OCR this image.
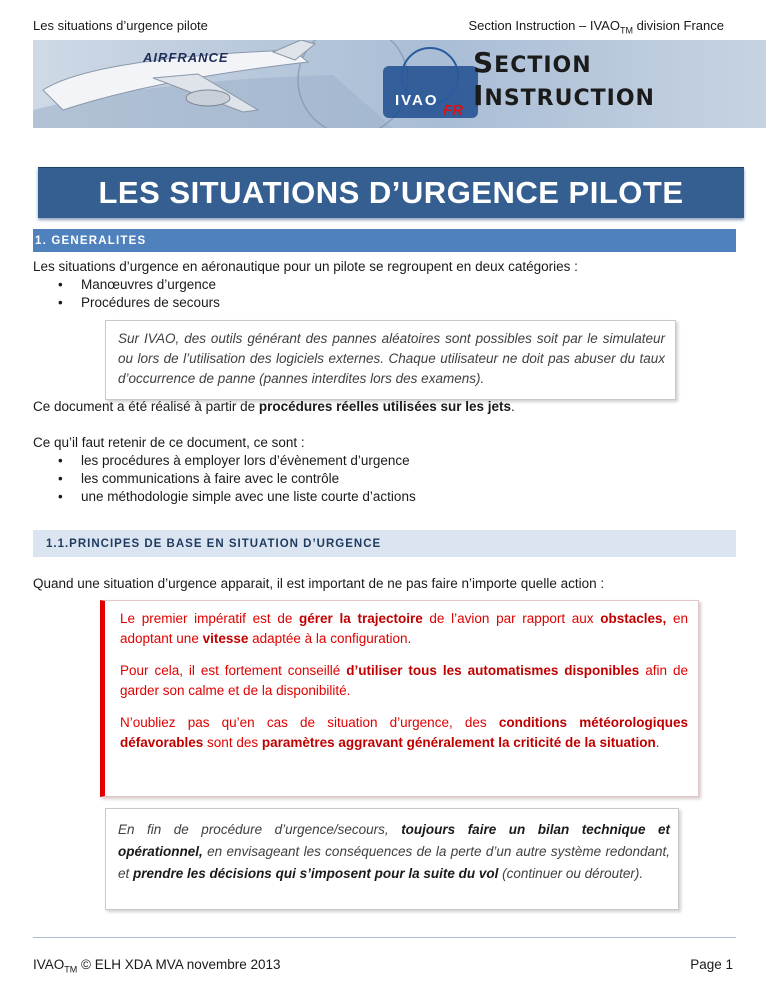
Les situations d’urgence pilote	Section Instruction – $IVAO_{TM}$ division France
AIRFRANCE
IVAO
FR
SECTION INSTRUCTION
LES SITUATIONS D’URGENCE PILOTE
1. GENERALITES
Les situations d’urgence en aéronautique pour un pilote se regroupent en deux catégories :
• Manœuvres d’urgence
• Procédures de secours
Sur IVAO, des outils générant des pannes aléatoires sont possibles soit par le simulateur ou lors de l’utilisation des logiciels externes. Chaque utilisateur ne doit pas abuser du taux d’occurrence de panne (pannes interdites lors des examens).
Ce document a été réalisé à partir de procédures réelles utilisées sur les jets.
Ce qu’il faut retenir de ce document, ce sont :
• les procédures à employer lors d’évènement d’urgence
• les communications à faire avec le contrôle
• une méthodologie simple avec une liste courte d’actions
1.1.PRINCIPES DE BASE EN SITUATION D’URGENCE
Quand une situation d’urgence apparait, il est important de ne pas faire n’importe quelle action :

Le premier impératif est de gérer la trajectoire de l’avion par rapport aux obstacles, en adoptant une vitesse adaptée à la configuration.

Pour cela, il est fortement conseillé d’utiliser tous les automatismes disponibles afin de garder son calme et de la disponibilité.

N’oubliez pas qu’en cas de situation d’urgence, des conditions météorologiques défavorables sont des paramètres aggravant généralement la criticité de la situation.

En fin de procédure d’urgence/secours, toujours faire un bilan technique et opérationnel, en envisageant les conséquences de la perte d’un autre système redondant, et prendre les décisions qui s’imposent pour la suite du vol (continuer ou dérouter).
$IVAO_{TM}$ © ELH XDA MVA novembre 2013	Page 1
